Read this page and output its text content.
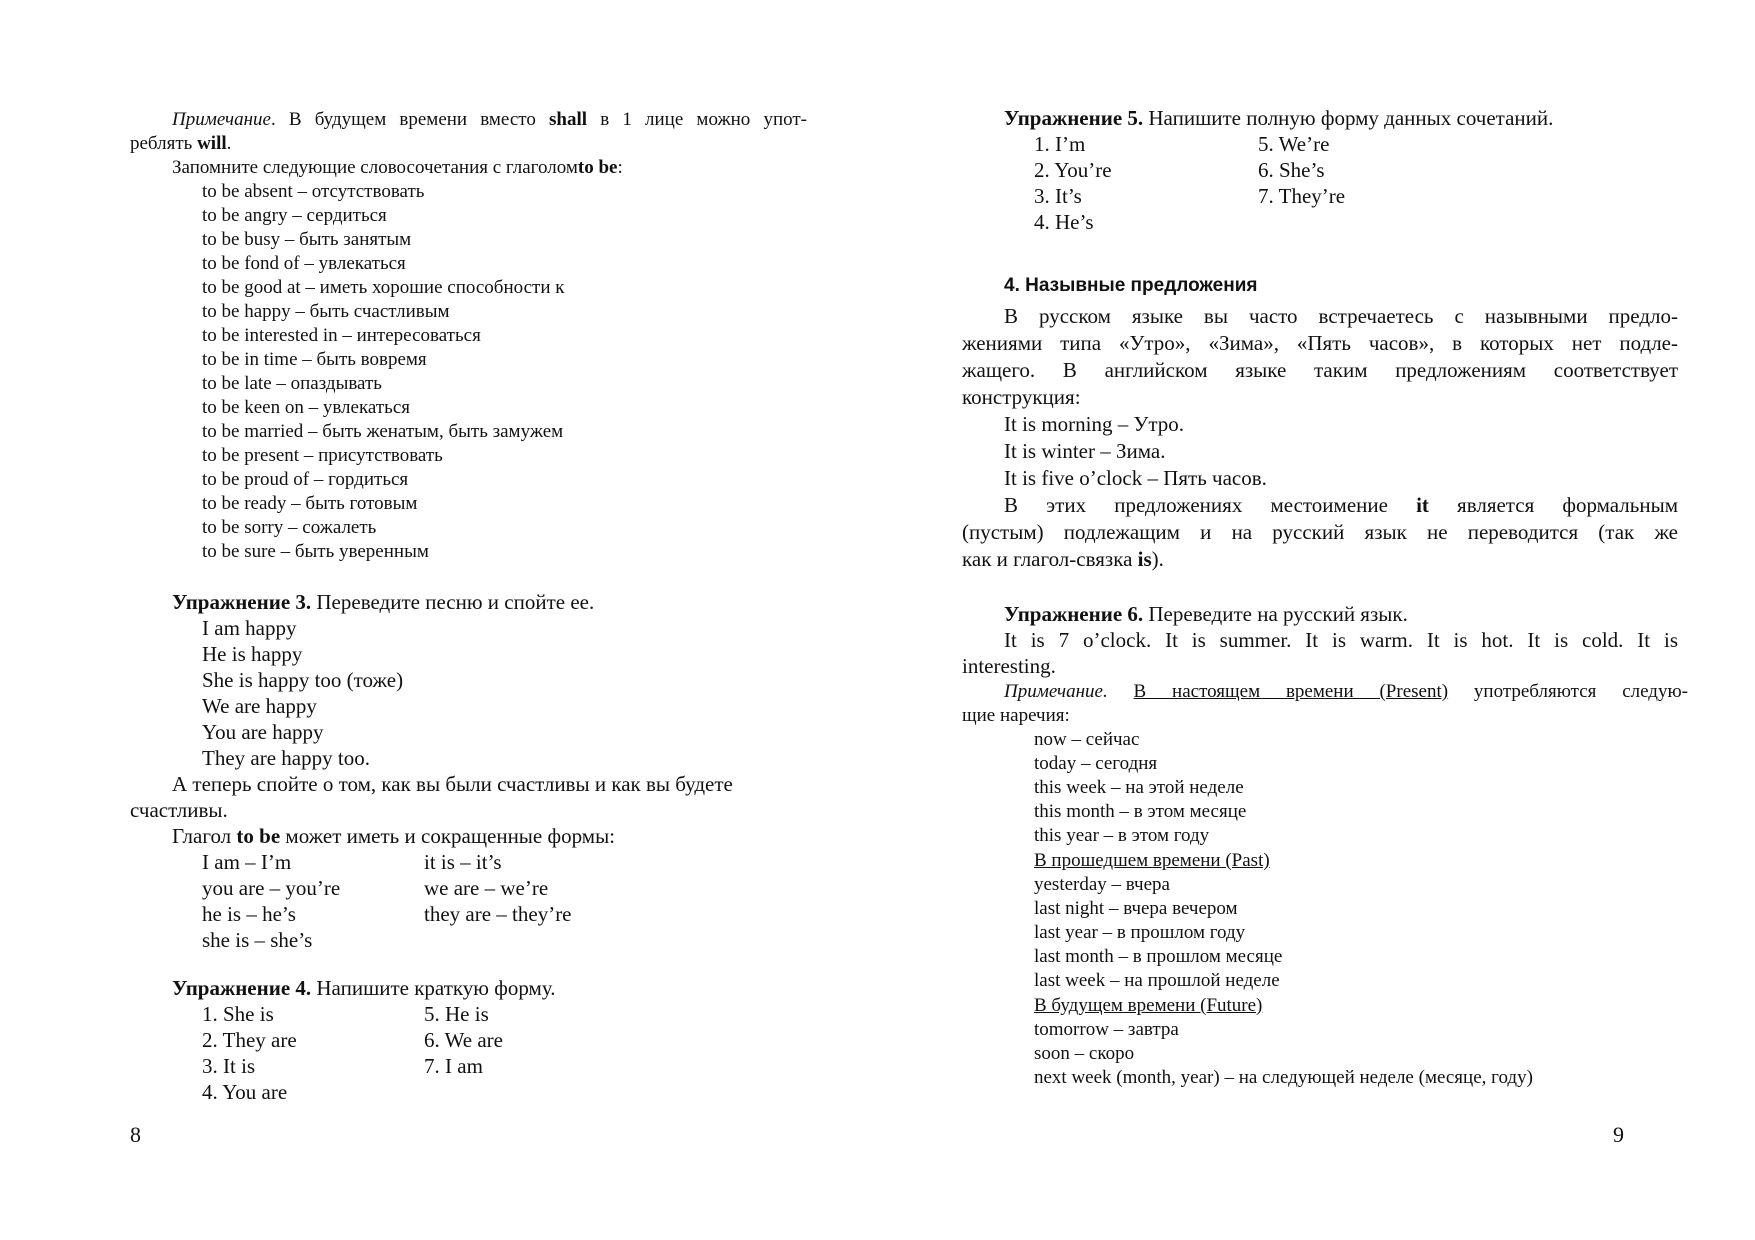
Примечание. В будущем времени вместо shall в 1 лице можно упот-
реблять will.
Запомните следующие словосочетания с глаголомto be:
to be absent – отсутствовать
to be angry – сердиться
to be busy – быть занятым
to be fond of – увлекаться
to be good at – иметь хорошие способности к
to be happy – быть счастливым
to be interested in – интересоваться
to be in time – быть вовремя
to be late – опаздывать
to be keen on – увлекаться
to be married – быть женатым, быть замужем
to be present – присутствовать
to be proud of – гордиться
to be ready – быть готовым
to be sorry – сожалеть
to be sure – быть уверенным
Упражнение 3. Переведите песню и спойте ее.
I am happy
He is happy
She is happy too (тоже)
We are happy
You are happy
They are happy too.
А теперь спойте о том, как вы были счастливы и как вы будете
счастливы.
Глагол to be может иметь и сокращенные формы:
I am – I’m
you are – you’re
he is – he’s
she is – she’s
it is – it’s
we are – we’re
they are – they’re
Упражнение 4. Напишите краткую форму.
1. She is
2. They are
3. It is
4. You are
5. He is
6. We are
7. I am
8
Упражнение 5. Напишите полную форму данных сочетаний.
1. I’m
2. You’re
3. It’s
4. He’s
5. We’re
6. She’s
7. They’re
4. Назывные предложения
В русском языке вы часто встречаетесь с назывными предло-
жениями типа «Утро», «Зима», «Пять часов», в которых нет подле-
жащего. В английском языке таким предложениям соответствует
конструкция:
It is morning – Утро.
It is winter – Зима.
It is five o’clock – Пять часов.
В этих предложениях местоимение it является формальным
(пустым) подлежащим и на русский язык не переводится (так же
как и глагол-связка is).
Упражнение 6. Переведите на русский язык.
It is 7 o’clock. It is summer. It is warm. It is hot. It is cold. It is
interesting.
Примечание. В настоящем времени (Present) употребляются следую-
щие наречия:
now – сейчас
today – сегодня
this week – на этой неделе
this month – в этом месяце
this year – в этом году
В прошедшем времени (Past)
yesterday – вчера
last night – вчера вечером
last year – в прошлом году
last month – в прошлом месяце
last week – на прошлой неделе
В будущем времени (Future)
tomorrow – завтра
soon – скоро
next week (month, year) – на следующей неделе (месяце, году)
9
